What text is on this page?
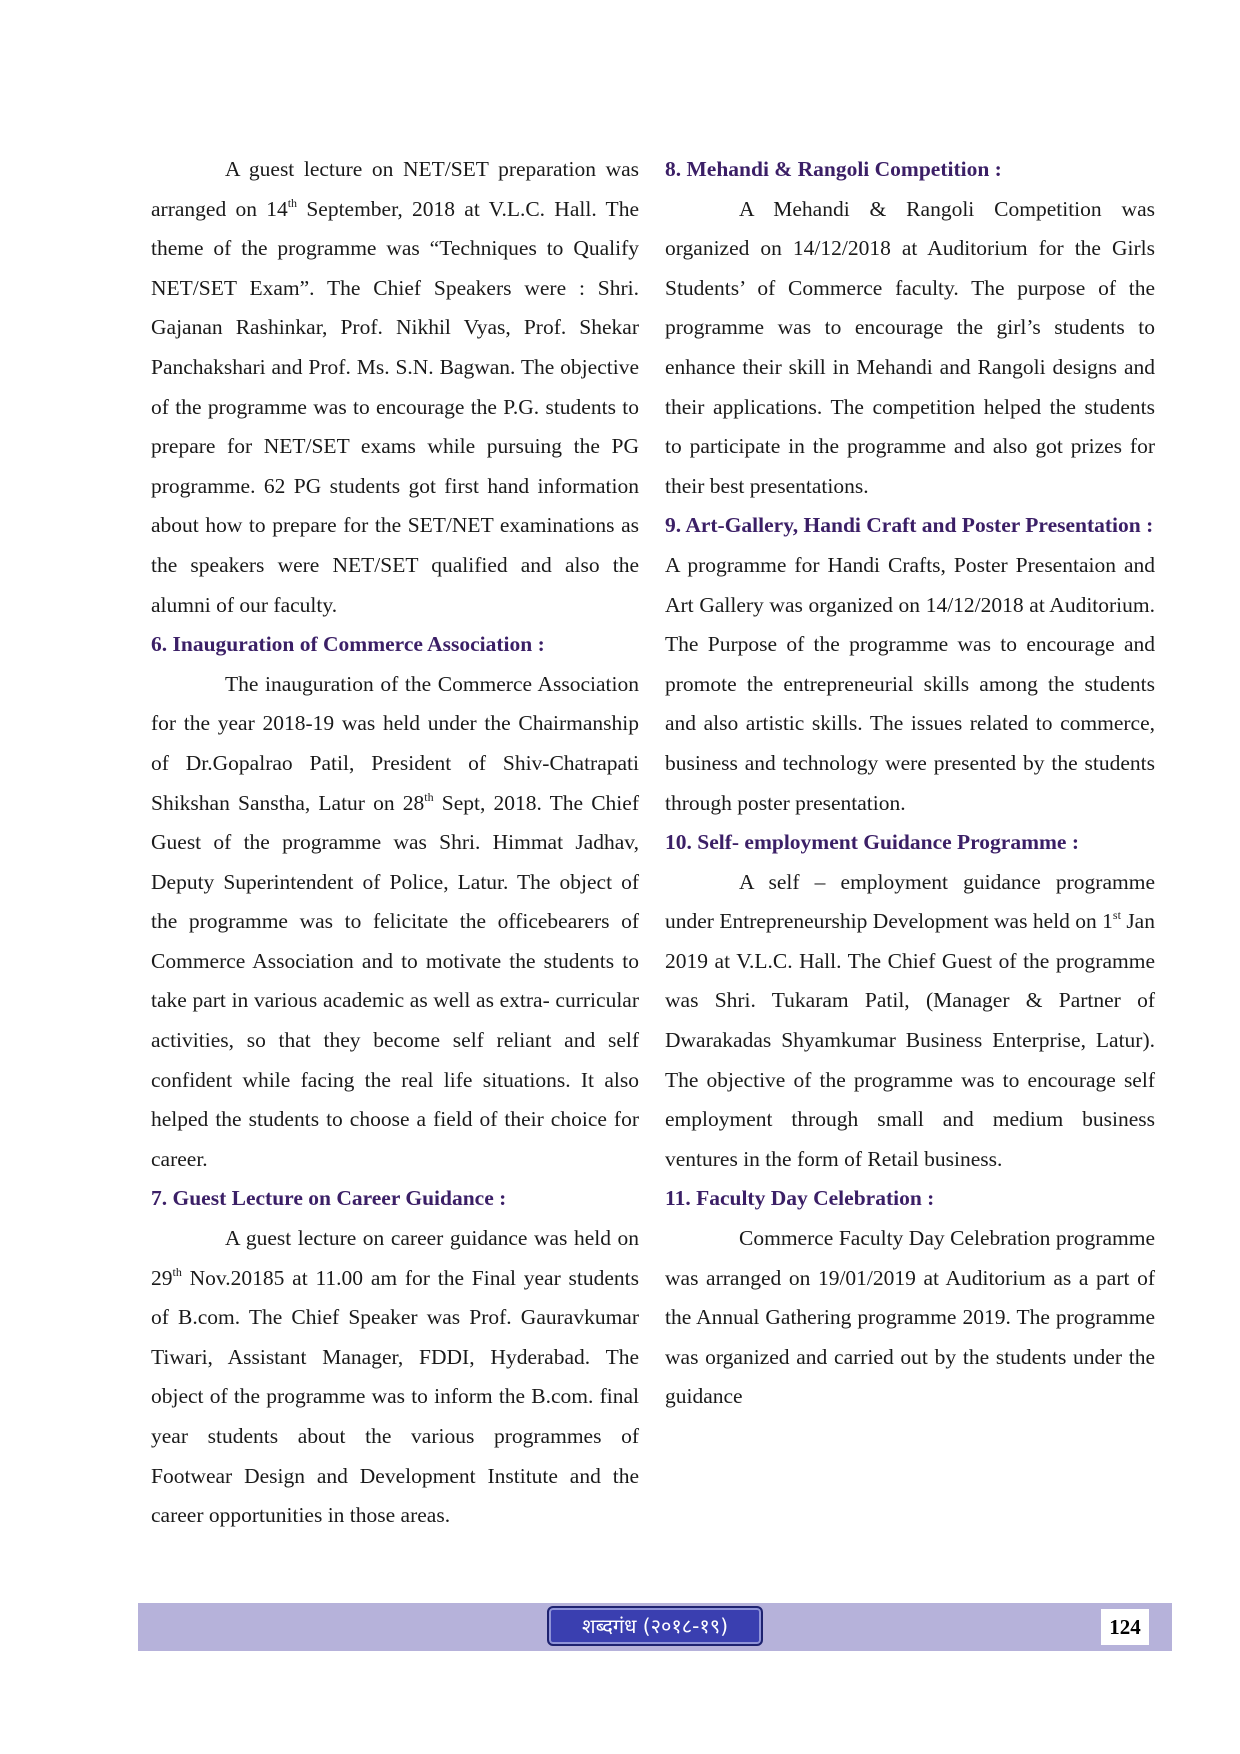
A guest lecture on NET/SET preparation was arranged on 14th September, 2018 at V.L.C. Hall. The theme of the programme was “Techniques to Qualify NET/SET Exam”. The Chief Speakers were : Shri. Gajanan Rashinkar, Prof. Nikhil Vyas, Prof. Shekar Panchakshari and Prof. Ms. S.N. Bagwan. The objective of the programme was to encourage the P.G. students to prepare for NET/SET exams while pursuing the PG programme. 62 PG students got first hand information about how to prepare for the SET/NET examinations as the speakers were NET/SET qualified and also the alumni of our faculty.

6. Inauguration of Commerce Association :

The inauguration of the Commerce Association for the year 2018-19 was held under the Chairmanship of Dr.Gopalrao Patil, President of Shiv-Chatrapati Shikshan Sanstha, Latur on 28th Sept, 2018. The Chief Guest of the programme was Shri. Himmat Jadhav, Deputy Superintendent of Police, Latur. The object of the programme was to felicitate the officebearers of Commerce Association and to motivate the students to take part in various academic as well as extra- curricular activities, so that they become self reliant and self confident while facing the real life situations. It also helped the students to choose a field of their choice for career.

7. Guest Lecture on Career Guidance :

A guest lecture on career guidance was held on 29th Nov.20185 at 11.00 am for the Final year students of B.com. The Chief Speaker was Prof. Gauravkumar Tiwari, Assistant Manager, FDDI, Hyderabad. The object of the programme was to inform the B.com. final year students about the various programmes of Footwear Design and Development Institute and the career opportunities in those areas.

8. Mehandi & Rangoli Competition :

A Mehandi & Rangoli Competition was organized on 14/12/2018 at Auditorium for the Girls Students’ of Commerce faculty. The purpose of the programme was to encourage the girl’s students to enhance their skill in Mehandi and Rangoli designs and their applications. The competition helped the students to participate in the programme and also got prizes for their best presentations.

9. Art-Gallery, Handi Craft and Poster Presentation :

A programme for Handi Crafts, Poster Presentaion and Art Gallery was organized on 14/12/2018 at Auditorium. The Purpose of the programme was to encourage and promote the entrepreneurial skills among the students and also artistic skills. The issues related to commerce, business and technology were presented by the students through poster presentation.

10. Self- employment Guidance Programme :

A self – employment guidance programme under Entrepreneurship Development was held on 1st Jan 2019 at V.L.C. Hall. The Chief Guest of the programme was Shri. Tukaram Patil, (Manager & Partner of Dwarakadas Shyamkumar Business Enterprise, Latur). The objective of the programme was to encourage self employment through small and medium business ventures in the form of Retail business.

11. Faculty Day Celebration :

Commerce Faculty Day Celebration programme was arranged on 19/01/2019 at Auditorium as a part of the Annual Gathering programme 2019. The programme was organized and carried out by the students under the guidance

शब्दगंध (२०१८-१९)	124
